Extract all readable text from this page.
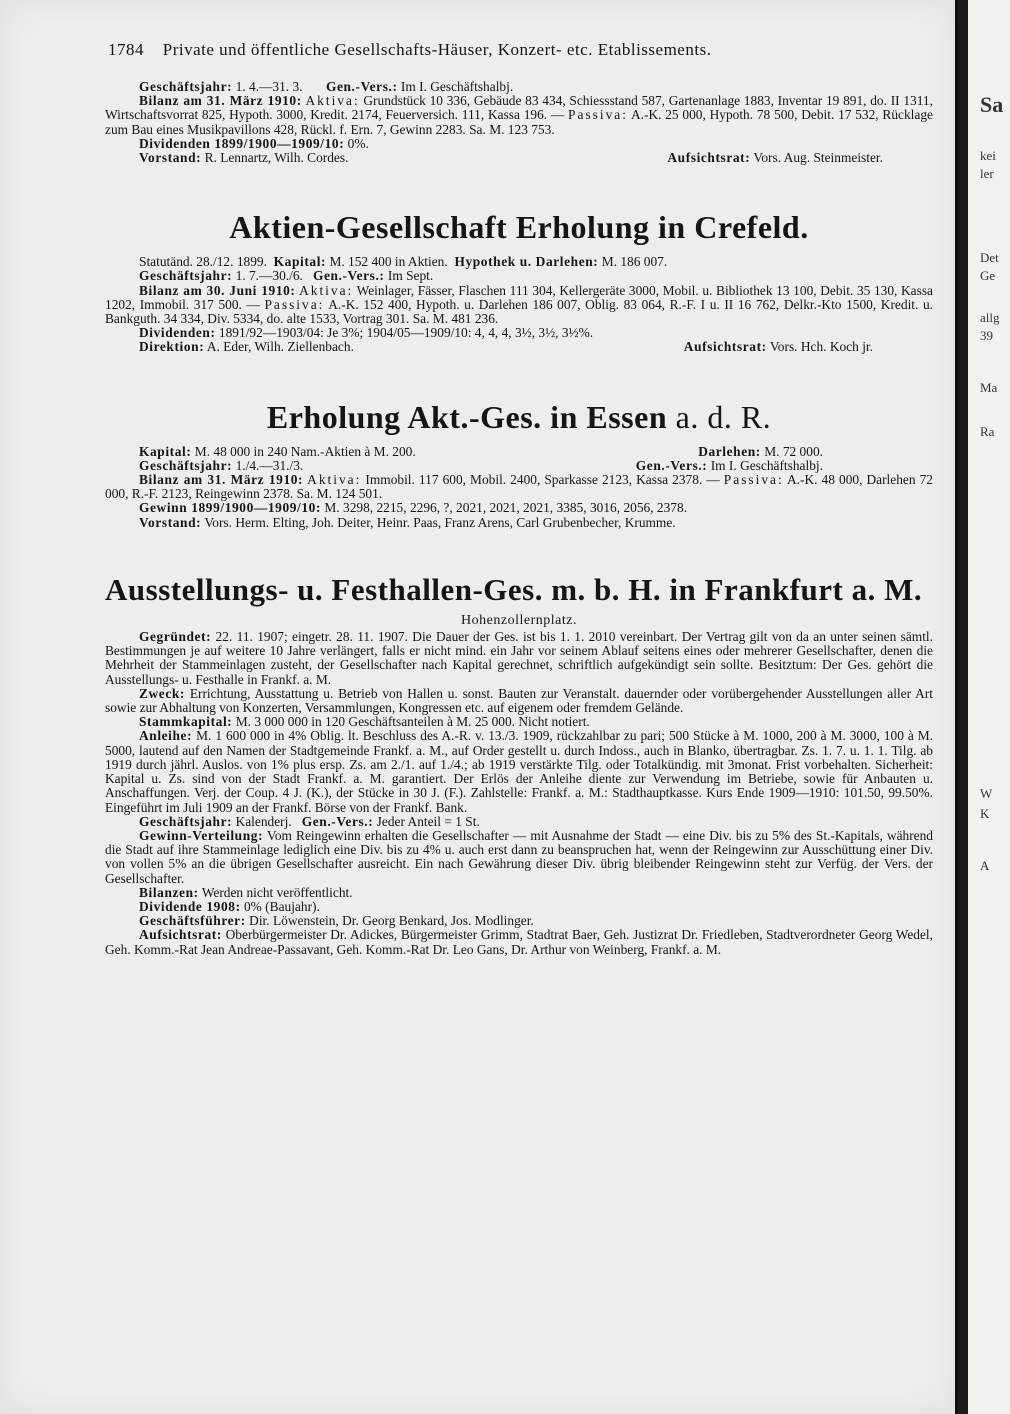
1784 Private und öffentliche Gesellschafts-Häuser, Konzert- etc. Etablissements.

Geschäftsjahr: 1. 4.—31. 3. Gen.-Vers.: Im I. Geschäftshalbj.

Bilanz am 31. März 1910: Aktiva: Grundstück 10 336, Gebäude 83 434, Schiessstand 587, Gartenanlage 1883, Inventar 19 891, do. II 1311, Wirtschaftsvorrat 825, Hypoth. 3000, Kredit. 2174, Feuerversich. 111, Kassa 196. — Passiva: A.-K. 25 000, Hypoth. 78 500, Debit. 17 532, Rücklage zum Bau eines Musikpavillons 428, Rückl. f. Ern. 7, Gewinn 2283. Sa. M. 123 753.

Dividenden 1899/1900—1909/10: 0%.

Vorstand: R. Lennartz, Wilh. Cordes.	Aufsichtsrat: Vors. Aug. Steinmeister.
Aktien-Gesellschaft Erholung in Crefeld.

Statutänd. 28./12. 1899. Kapital: M. 152 400 in Aktien. Hypothek u. Darlehen: M. 186 007.

Geschäftsjahr: 1. 7.—30./6. Gen.-Vers.: Im Sept.

Bilanz am 30. Juni 1910: Aktiva: Weinlager, Fässer, Flaschen 111 304, Kellergeräte 3000, Mobil. u. Bibliothek 13 100, Debit. 35 130, Kassa 1202, Immobil. 317 500. — Passiva: A.-K. 152 400, Hypoth. u. Darlehen 186 007, Oblig. 83 064, R.-F. I u. II 16 762, Delkr.-Kto 1500, Kredit. u. Bankguth. 34 334, Div. 5334, do. alte 1533, Vortrag 301. Sa. M. 481 236.

Dividenden: 1891/92—1903/04: Je 3%; 1904/05—1909/10: 4, 4, 4, 3½, 3½, 3½%.

Direktion: A. Eder, Wilh. Ziellenbach.	Aufsichtsrat: Vors. Hch. Koch jr.
Erholung Akt.-Ges. in Essen a. d. R.
Kapital: M. 48 000 in 240 Nam.-Aktien à M. 200.	Darlehen: M. 72 000.
Geschäftsjahr: 1./4.—31./3.	Gen.-Vers.: Im I. Geschäftshalbj.

Bilanz am 31. März 1910: Aktiva: Immobil. 117 600, Mobil. 2400, Sparkasse 2123, Kassa 2378. — Passiva: A.-K. 48 000, Darlehen 72 000, R.-F. 2123, Reingewinn 2378. Sa. M. 124 501.

Gewinn 1899/1900—1909/10: M. 3298, 2215, 2296, ?, 2021, 2021, 2021, 3385, 3016, 2056, 2378.

Vorstand: Vors. Herm. Elting, Joh. Deiter, Heinr. Paas, Franz Arens, Carl Grubenbecher, Krumme.

Ausstellungs- u. Festhallen-Ges. m. b. H. in Frankfurt a. M.
Hohenzollernplatz.

Gegründet: 22. 11. 1907; eingetr. 28. 11. 1907. Die Dauer der Ges. ist bis 1. 1. 2010 vereinbart. Der Vertrag gilt von da an unter seinen sämtl. Bestimmungen je auf weitere 10 Jahre verlängert, falls er nicht mind. ein Jahr vor seinem Ablauf seitens eines oder mehrerer Gesellschafter, denen die Mehrheit der Stammeinlagen zusteht, der Gesellschafter nach Kapital gerechnet, schriftlich aufgekündigt sein sollte. Besitztum: Der Ges. gehört die Ausstellungs- u. Festhalle in Frankf. a. M.

Zweck: Errichtung, Ausstattung u. Betrieb von Hallen u. sonst. Bauten zur Veranstalt. dauernder oder vorübergehender Ausstellungen aller Art sowie zur Abhaltung von Konzerten, Versammlungen, Kongressen etc. auf eigenem oder fremdem Gelände.

Stammkapital: M. 3 000 000 in 120 Geschäftsanteilen à M. 25 000. Nicht notiert.

Anleihe: M. 1 600 000 in 4% Oblig. lt. Beschluss des A.-R. v. 13./3. 1909, rückzahlbar zu pari; 500 Stücke à M. 1000, 200 à M. 3000, 100 à M. 5000, lautend auf den Namen der Stadtgemeinde Frankf. a. M., auf Order gestellt u. durch Indoss., auch in Blanko, übertragbar. Zs. 1. 7. u. 1. 1. Tilg. ab 1919 durch jährl. Auslos. von 1% plus ersp. Zs. am 2./1. auf 1./4.; ab 1919 verstärkte Tilg. oder Totalkündig. mit 3monat. Frist vorbehalten. Sicherheit: Kapital u. Zs. sind von der Stadt Frankf. a. M. garantiert. Der Erlös der Anleihe diente zur Verwendung im Betriebe, sowie für Anbauten u. Anschaffungen. Verj. der Coup. 4 J. (K.), der Stücke in 30 J. (F.). Zahlstelle: Frankf. a. M.: Stadthauptkasse. Kurs Ende 1909—1910: 101.50, 99.50%. Eingeführt im Juli 1909 an der Frankf. Börse von der Frankf. Bank.

Geschäftsjahr: Kalenderj. Gen.-Vers.: Jeder Anteil = 1 St.

Gewinn-Verteilung: Vom Reingewinn erhalten die Gesellschafter — mit Ausnahme der Stadt — eine Div. bis zu 5% des St.-Kapitals, während die Stadt auf ihre Stammeinlage lediglich eine Div. bis zu 4% u. auch erst dann zu beanspruchen hat, wenn der Reingewinn zur Ausschüttung einer Div. von vollen 5% an die übrigen Gesellschafter ausreicht. Ein nach Gewährung dieser Div. übrig bleibender Reingewinn steht zur Verfüg. der Vers. der Gesellschafter.

Bilanzen: Werden nicht veröffentlicht.

Dividende 1908: 0% (Baujahr).

Geschäftsführer: Dir. Löwenstein, Dr. Georg Benkard, Jos. Modlinger.

Aufsichtsrat: Oberbürgermeister Dr. Adickes, Bürgermeister Grimm, Stadtrat Baer, Geh. Justizrat Dr. Friedleben, Stadtverordneter Georg Wedel, Geh. Komm.-Rat Jean Andreae-Passavant, Geh. Komm.-Rat Dr. Leo Gans, Dr. Arthur von Weinberg, Frankf. a. M.

Sa
kei
ler
Det
Ge
allg
39
Ma
Ra
W
K
A
